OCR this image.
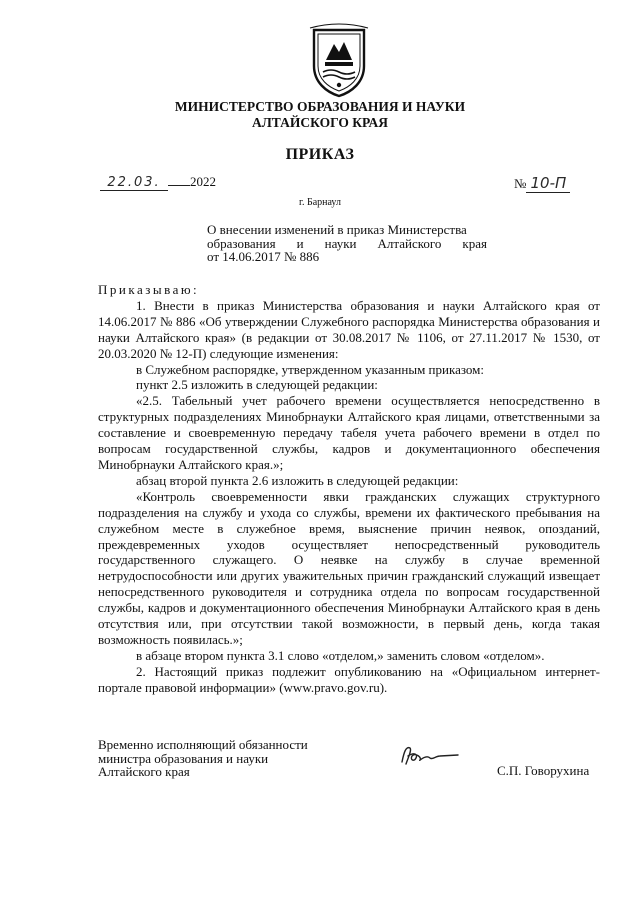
МИНИСТЕРСТВО ОБРАЗОВАНИЯ И НАУКИ
АЛТАЙСКОГО КРАЯ
ПРИКАЗ
22.03. 2022	№ 10-П
г. Барнаул
О внесении изменений в приказ Министерства
образования и науки Алтайского края
от 14.06.2017 № 886

Приказываю:

1. Внести в приказ Министерства образования и науки Алтайского края от 14.06.2017 № 886 «Об утверждении Служебного распорядка Министерства образования и науки Алтайского края» (в редакции от 30.08.2017 № 1106, от 27.11.2017 № 1530, от 20.03.2020 № 12-П) следующие изменения:

в Служебном распорядке, утвержденном указанным приказом:

пункт 2.5 изложить в следующей редакции:

«2.5. Табельный учет рабочего времени осуществляется непосредственно в структурных подразделениях Минобрнауки Алтайского края лицами, ответственными за составление и своевременную передачу табеля учета рабочего времени в отдел по вопросам государственной службы, кадров и документационного обеспечения Минобрнауки Алтайского края.»;

абзац второй пункта 2.6 изложить в следующей редакции:

«Контроль своевременности явки гражданских служащих структурного подразделения на службу и ухода со службы, времени их фактического пребывания на служебном месте в служебное время, выяснение причин неявок, опозданий, преждевременных уходов осуществляет непосредственный руководитель государственного служащего. О неявке на службу в случае временной нетрудоспособности или других уважительных причин гражданский служащий извещает непосредственного руководителя и сотрудника отдела по вопросам государственной службы, кадров и документационного обеспечения Минобрнауки Алтайского края в день отсутствия или, при отсутствии такой возможности, в первый день, когда такая возможность появилась.»;

в абзаце втором пункта 3.1 слово «отделом,» заменить словом «отделом».

2. Настоящий приказ подлежит опубликованию на «Официальном интернет-портале правовой информации» (www.pravo.gov.ru).

Временно исполняющий обязанности
министра образования и науки
Алтайского края	С.П. Говорухина
